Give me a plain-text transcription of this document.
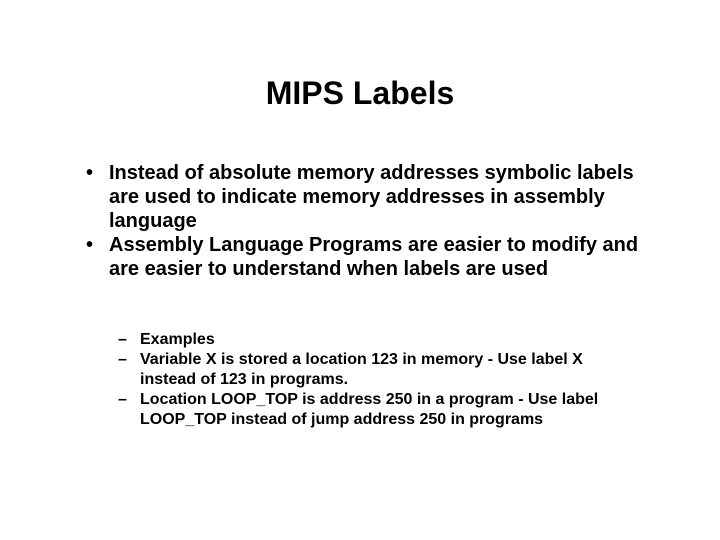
MIPS Labels
• Instead of absolute memory addresses symbolic labels are used to indicate memory addresses in assembly language
• Assembly Language Programs are easier to modify and are easier to understand when labels are used
– Examples
– Variable X is stored a location 123 in memory - Use label X instead of 123 in programs.
– Location LOOP_TOP is address 250 in a program - Use label LOOP_TOP instead of jump address 250 in programs
